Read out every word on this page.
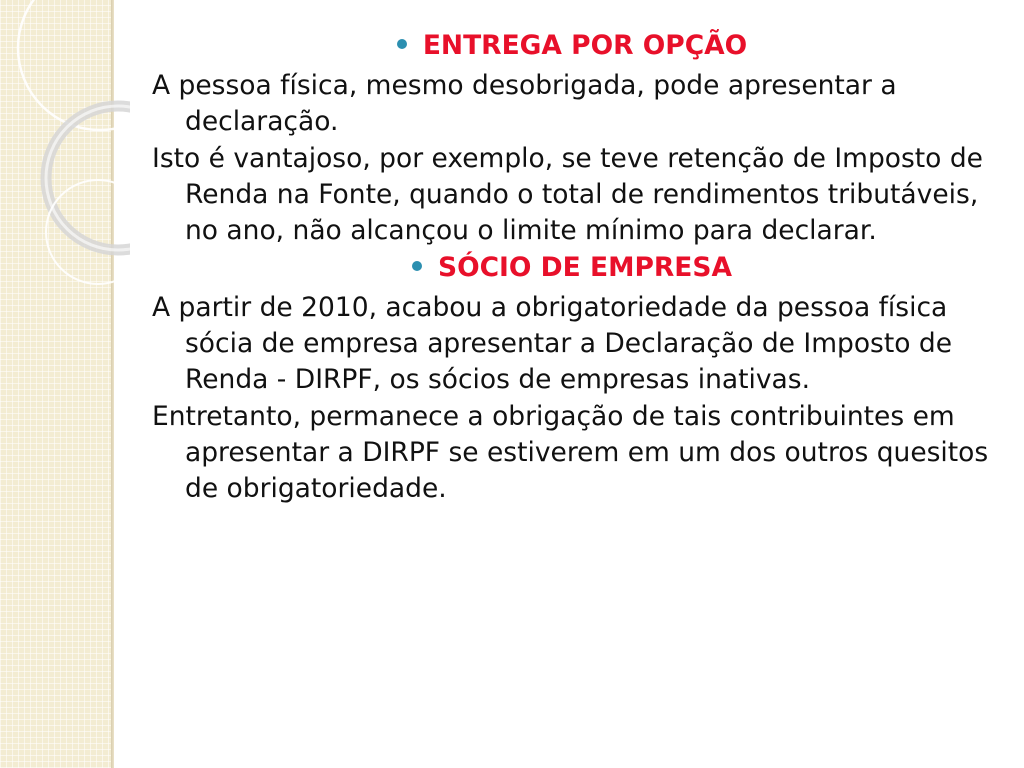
ENTREGA POR OPÇÃO

A pessoa física, mesmo desobrigada, pode apresentar a declaração.

Isto é vantajoso, por exemplo, se teve retenção de Imposto de Renda na Fonte, quando o total de rendimentos tributáveis, no ano, não alcançou o limite mínimo para declarar.

SÓCIO DE EMPRESA

A partir de 2010, acabou a obrigatoriedade da pessoa física sócia de empresa apresentar a Declaração de Imposto de Renda - DIRPF, os sócios de empresas inativas.

Entretanto, permanece a obrigação de tais contribuintes em apresentar a DIRPF se estiverem em um dos outros quesitos de obrigatoriedade.
